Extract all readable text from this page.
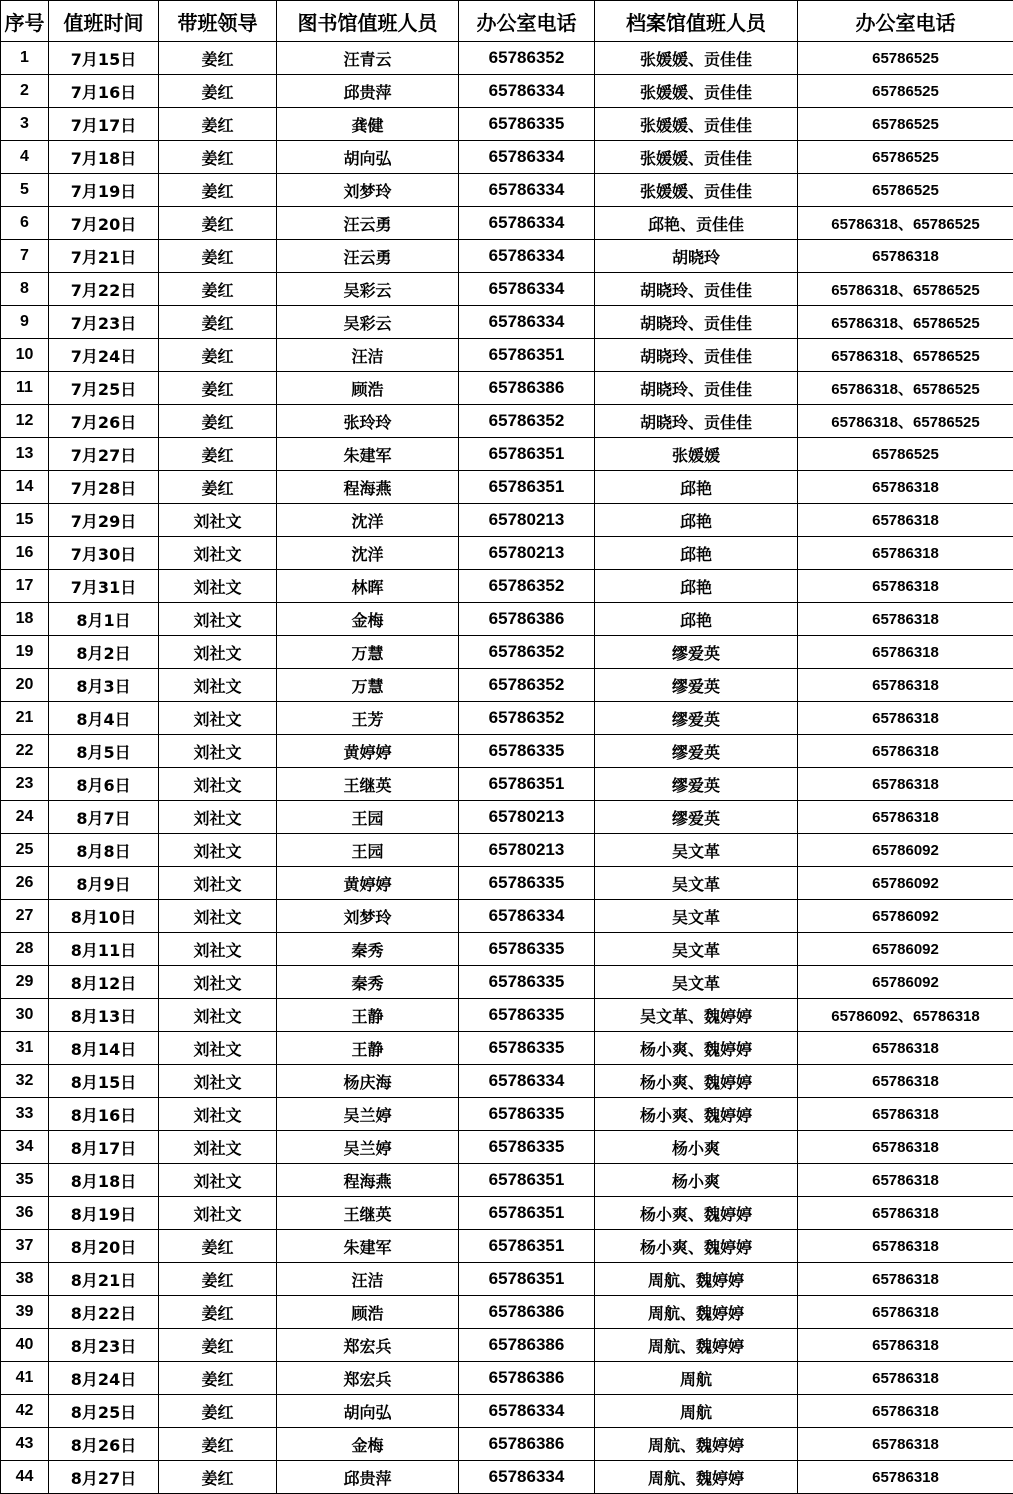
序号	值班时间	带班领导	图书馆值班人员	办公室电话	档案馆值班人员	办公室电话
1	7月15日	姜红	汪青云	65786352	张媛媛、贡佳佳	65786525
2	7月16日	姜红	邱贵萍	65786334	张媛媛、贡佳佳	65786525
3	7月17日	姜红	龚健	65786335	张媛媛、贡佳佳	65786525
4	7月18日	姜红	胡向弘	65786334	张媛媛、贡佳佳	65786525
5	7月19日	姜红	刘梦玲	65786334	张媛媛、贡佳佳	65786525
6	7月20日	姜红	汪云勇	65786334	邱艳、贡佳佳	65786318、65786525
7	7月21日	姜红	汪云勇	65786334	胡晓玲	65786318
8	7月22日	姜红	吴彩云	65786334	胡晓玲、贡佳佳	65786318、65786525
9	7月23日	姜红	吴彩云	65786334	胡晓玲、贡佳佳	65786318、65786525
10	7月24日	姜红	汪洁	65786351	胡晓玲、贡佳佳	65786318、65786525
11	7月25日	姜红	顾浩	65786386	胡晓玲、贡佳佳	65786318、65786525
12	7月26日	姜红	张玲玲	65786352	胡晓玲、贡佳佳	65786318、65786525
13	7月27日	姜红	朱建军	65786351	张媛媛	65786525
14	7月28日	姜红	程海燕	65786351	邱艳	65786318
15	7月29日	刘社文	沈洋	65780213	邱艳	65786318
16	7月30日	刘社文	沈洋	65780213	邱艳	65786318
17	7月31日	刘社文	林晖	65786352	邱艳	65786318
18	8月1日	刘社文	金梅	65786386	邱艳	65786318
19	8月2日	刘社文	万慧	65786352	缪爱英	65786318
20	8月3日	刘社文	万慧	65786352	缪爱英	65786318
21	8月4日	刘社文	王芳	65786352	缪爱英	65786318
22	8月5日	刘社文	黄婷婷	65786335	缪爱英	65786318
23	8月6日	刘社文	王继英	65786351	缪爱英	65786318
24	8月7日	刘社文	王园	65780213	缪爱英	65786318
25	8月8日	刘社文	王园	65780213	吴文革	65786092
26	8月9日	刘社文	黄婷婷	65786335	吴文革	65786092
27	8月10日	刘社文	刘梦玲	65786334	吴文革	65786092
28	8月11日	刘社文	秦秀	65786335	吴文革	65786092
29	8月12日	刘社文	秦秀	65786335	吴文革	65786092
30	8月13日	刘社文	王静	65786335	吴文革、魏婷婷	65786092、65786318
31	8月14日	刘社文	王静	65786335	杨小爽、魏婷婷	65786318
32	8月15日	刘社文	杨庆海	65786334	杨小爽、魏婷婷	65786318
33	8月16日	刘社文	吴兰婷	65786335	杨小爽、魏婷婷	65786318
34	8月17日	刘社文	吴兰婷	65786335	杨小爽	65786318
35	8月18日	刘社文	程海燕	65786351	杨小爽	65786318
36	8月19日	刘社文	王继英	65786351	杨小爽、魏婷婷	65786318
37	8月20日	姜红	朱建军	65786351	杨小爽、魏婷婷	65786318
38	8月21日	姜红	汪洁	65786351	周航、魏婷婷	65786318
39	8月22日	姜红	顾浩	65786386	周航、魏婷婷	65786318
40	8月23日	姜红	郑宏兵	65786386	周航、魏婷婷	65786318
41	8月24日	姜红	郑宏兵	65786386	周航	65786318
42	8月25日	姜红	胡向弘	65786334	周航	65786318
43	8月26日	姜红	金梅	65786386	周航、魏婷婷	65786318
44	8月27日	姜红	邱贵萍	65786334	周航、魏婷婷	65786318
